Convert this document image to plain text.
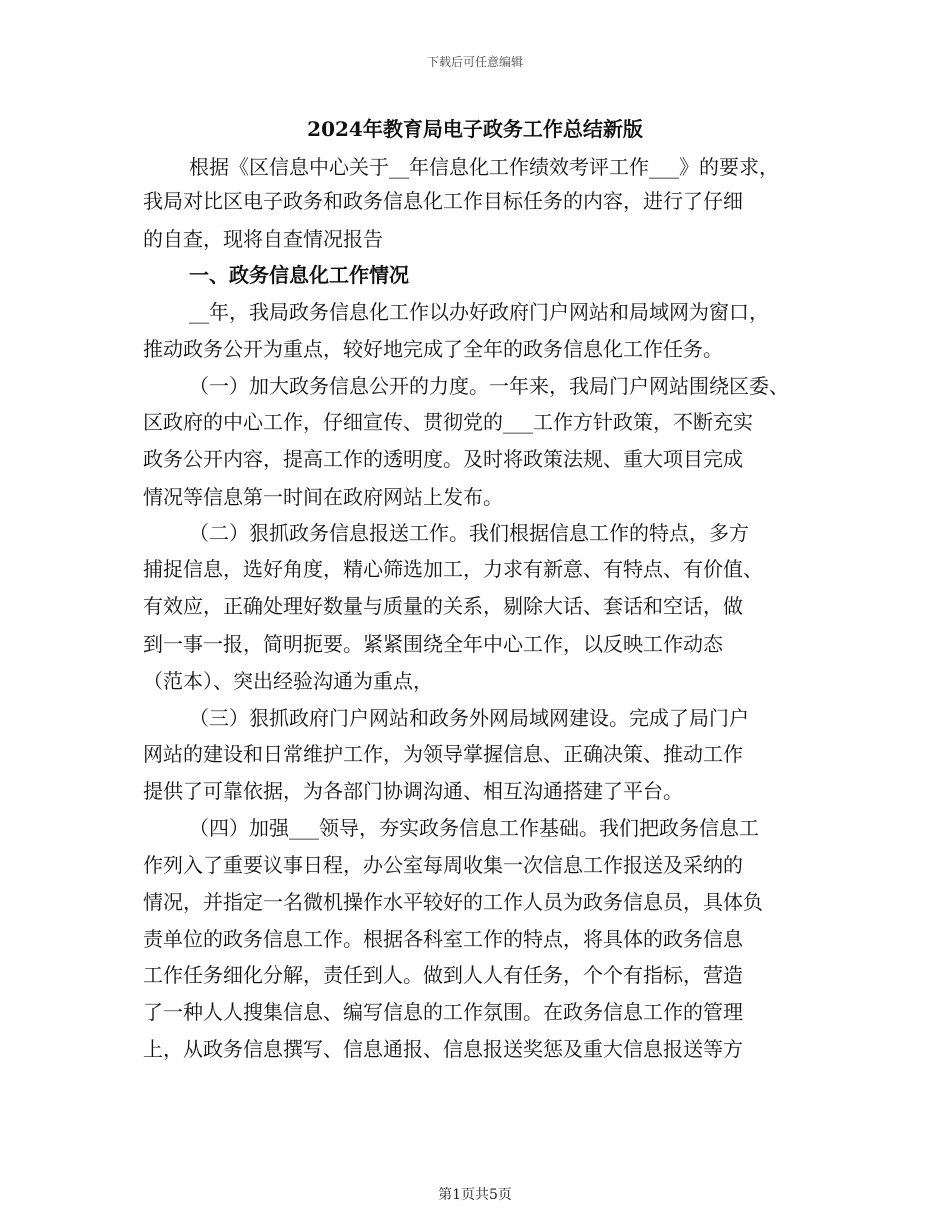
下载后可任意编辑
2024年教育局电子政务工作总结新版
根据《区信息中心关于__年信息化工作绩效考评工作___》的要求，
我局对比区电子政务和政务信息化工作目标任务的内容，进行了仔细
的自查，现将自查情况报告
一、政务信息化工作情况
__年，我局政务信息化工作以办好政府门户网站和局域网为窗口，
推动政务公开为重点，较好地完成了全年的政务信息化工作任务。
（一）加大政务信息公开的力度。一年来，我局门户网站围绕区委、
区政府的中心工作，仔细宣传、贯彻党的___工作方针政策，不断充实
政务公开内容，提高工作的透明度。及时将政策法规、重大项目完成
情况等信息第一时间在政府网站上发布。
（二）狠抓政务信息报送工作。我们根据信息工作的特点，多方
捕捉信息，选好角度，精心筛选加工，力求有新意、有特点、有价值、
有效应，正确处理好数量与质量的关系，剔除大话、套话和空话，做
到一事一报，简明扼要。紧紧围绕全年中心工作，以反映工作动态
（范本）、突出经验沟通为重点，
（三）狠抓政府门户网站和政务外网局域网建设。完成了局门户
网站的建设和日常维护工作，为领导掌握信息、正确决策、推动工作
提供了可靠依据，为各部门协调沟通、相互沟通搭建了平台。
（四）加强___领导，夯实政务信息工作基础。我们把政务信息工
作列入了重要议事日程，办公室每周收集一次信息工作报送及采纳的
情况，并指定一名微机操作水平较好的工作人员为政务信息员，具体负
责单位的政务信息工作。根据各科室工作的特点，将具体的政务信息
工作任务细化分解，责任到人。做到人人有任务，个个有指标，营造
了一种人人搜集信息、编写信息的工作氛围。在政务信息工作的管理
上，从政务信息撰写、信息通报、信息报送奖惩及重大信息报送等方
第1页共5页
